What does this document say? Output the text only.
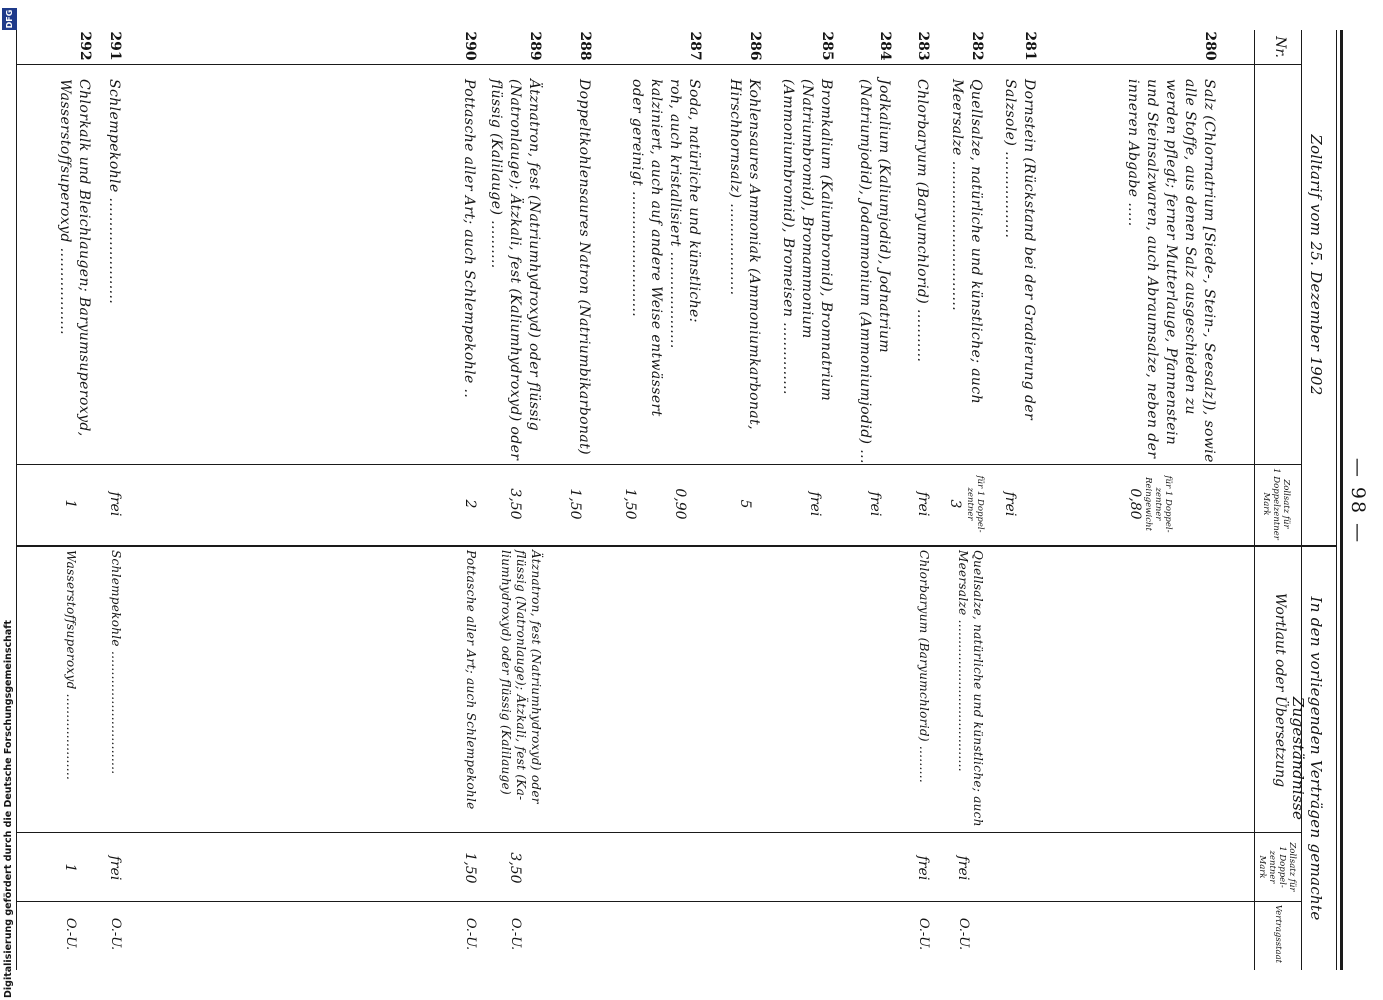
— 98 —
Zolltarif vom 25. Dezember 1902
In den vorliegenden Verträgen gemachte Zugeständnisse
Nr.
Zollsatz für
1 Doppelzentner
Mark
Wortlaut oder Übersetzung
Zollsatz für
1 Doppel-
zentner
Mark
Vertragsstaat
280
Salz (Chlornatrium [Siede-, Stein-, Seesalz]), sowie alle Stoffe, aus denen Salz ausgeschieden zu werden pflegt; ferner Mutterlauge, Pfannenstein und Steinsalzwaren, auch Abraumsalze, neben der inneren Abgabe .....
für 1 Doppel-
zentner
Reingewicht
0,80
281
Dornstein (Rückstand bei der Gradierung der Salzsole) ..................
frei
282
Quellsalze, natürliche und künstliche; auch Meersalze ...............................
für 1 Doppel-
zentner
3
Quellsalze, natürliche und künstliche; auch
Meersalze .....................................
frei
O.-U.
283
Chlorbaryum (Baryumchlorid) ...........
frei
Chlorbaryum (Baryumchlorid) .........
frei
O.-U.
284
Jodkalium (Kaliumjodid), Jodnatrium (Natriumjodid), Jodammonium (Ammoniumjodid) ...
frei
285
Bromkalium (Kaliumbromid), Bromnatrium (Natriumbromid), Bromammonium (Ammoniumbromid), Bromeisen ...............
frei
286
Kohlensaures Ammoniak (Ammoniumkarbonat, Hirschhornsalz) ...................
5
287
Soda, natürliche und künstliche:
roh, auch kristallisiert ....................
kalziniert, auch auf andere Weise entwässert
oder gereinigt ..........................
0,90
1,50
288
Doppeltkohlensaures Natron (Natriumbikarbonat)
1,50
289
Ätznatron, fest (Natriumhydroxyd) oder flüssig (Natronlauge); Ätzkali, fest (Kaliumhydroxyd) oder flüssig (Kalilauge) ..........
3,50
Ätznatron, fest (Natriumhydroxyd) oder
flüssig (Natronlauge); Ätzkali, fest (Ka-
liumhydroxyd) oder flüssig (Kalilauge)
3,50
O.-U.
290
Pottasche aller Art; auch Schlempekohle ..
2
Pottasche aller Art; auch Schlempekohle
1,50
O.-U.
291
Schlempekohle ......................
frei
Schlempekohle ..............................
frei
O.-U.
292
Chlorkalk und Bleichlaugen; Baryumsuperoxyd, Wasserstoffsuperoxyd ..................
1
Wasserstoffsuperoxyd .....................
1
O.-U.
Digitalisierung gefördert durch die Deutsche Forschungsgemeinschaft
DFG
